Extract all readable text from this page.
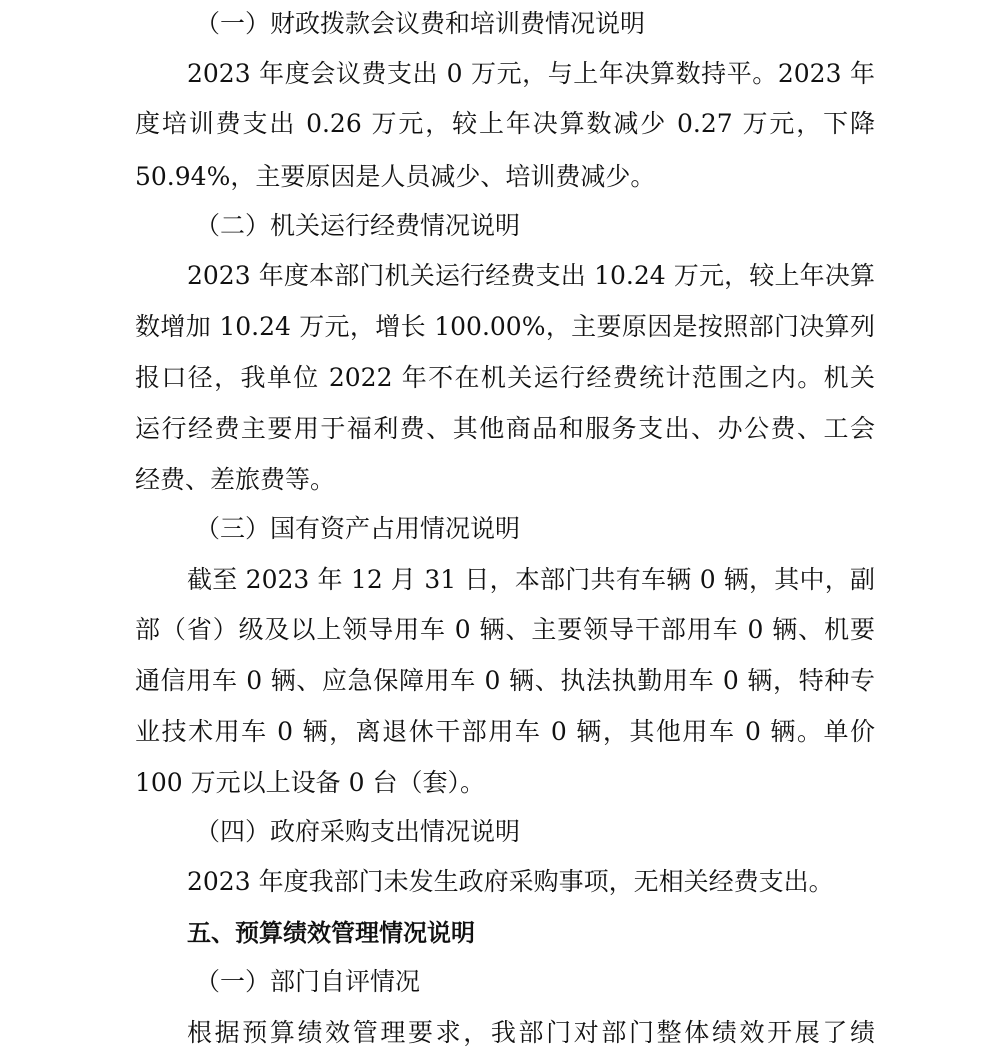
（一）财政拨款会议费和培训费情况说明
2023 年度会议费支出 0 万元，与上年决算数持平。2023 年
度培训费支出 0.26 万元，较上年决算数减少 0.27 万元，下降
50.94%，主要原因是人员减少、培训费减少。
（二）机关运行经费情况说明
2023 年度本部门机关运行经费支出 10.24 万元，较上年决算
数增加 10.24 万元，增长 100.00%，主要原因是按照部门决算列
报口径，我单位 2022 年不在机关运行经费统计范围之内。机关
运行经费主要用于福利费、其他商品和服务支出、办公费、工会
经费、差旅费等。
（三）国有资产占用情况说明
截至 2023 年 12 月 31 日，本部门共有车辆 0 辆，其中，副
部（省）级及以上领导用车 0 辆、主要领导干部用车 0 辆、机要
通信用车 0 辆、应急保障用车 0 辆、执法执勤用车 0 辆，特种专
业技术用车 0 辆，离退休干部用车 0 辆，其他用车 0 辆。单价
100 万元以上设备 0 台（套）。
（四）政府采购支出情况说明
2023 年度我部门未发生政府采购事项，无相关经费支出。
五、预算绩效管理情况说明
（一）部门自评情况
根据预算绩效管理要求，我部门对部门整体绩效开展了绩
